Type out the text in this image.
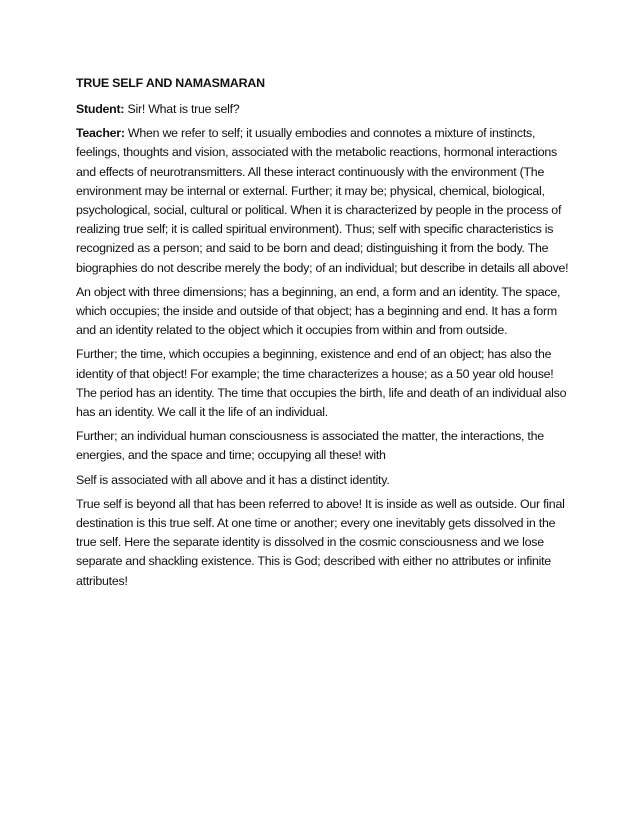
TRUE SELF AND NAMASMARAN

Student: Sir! What is true self?

Teacher: When we refer to self; it usually embodies and connotes a mixture of instincts, feelings, thoughts and vision, associated with the metabolic reactions, hormonal interactions and effects of neurotransmitters. All these interact continuously with the environment (The environment may be internal or external. Further; it may be; physical, chemical, biological, psychological, social, cultural or political. When it is characterized by people in the process of realizing true self; it is called spiritual environment). Thus; self with specific characteristics is recognized as a person; and said to be born and dead; distinguishing it from the body. The biographies do not describe merely the body; of an individual; but describe in details all above!

An object with three dimensions; has a beginning, an end, a form and an identity. The space, which occupies; the inside and outside of that object; has a beginning and end. It has a form and an identity related to the object which it occupies from within and from outside.

Further; the time, which occupies a beginning, existence and end of an object; has also the identity of that object! For example; the time characterizes a house; as a 50 year old house! The period has an identity. The time that occupies the birth, life and death of an individual also has an identity. We call it the life of an individual.

Further; an individual human consciousness is associated the matter, the interactions, the energies, and the space and time; occupying all these! with

Self is associated with all above and it has a distinct identity.

True self is beyond all that has been referred to above! It is inside as well as outside. Our final destination is this true self. At one time or another; every one inevitably gets dissolved in the true self. Here the separate identity is dissolved in the cosmic consciousness and we lose separate and shackling existence. This is God; described with either no attributes or infinite attributes!
